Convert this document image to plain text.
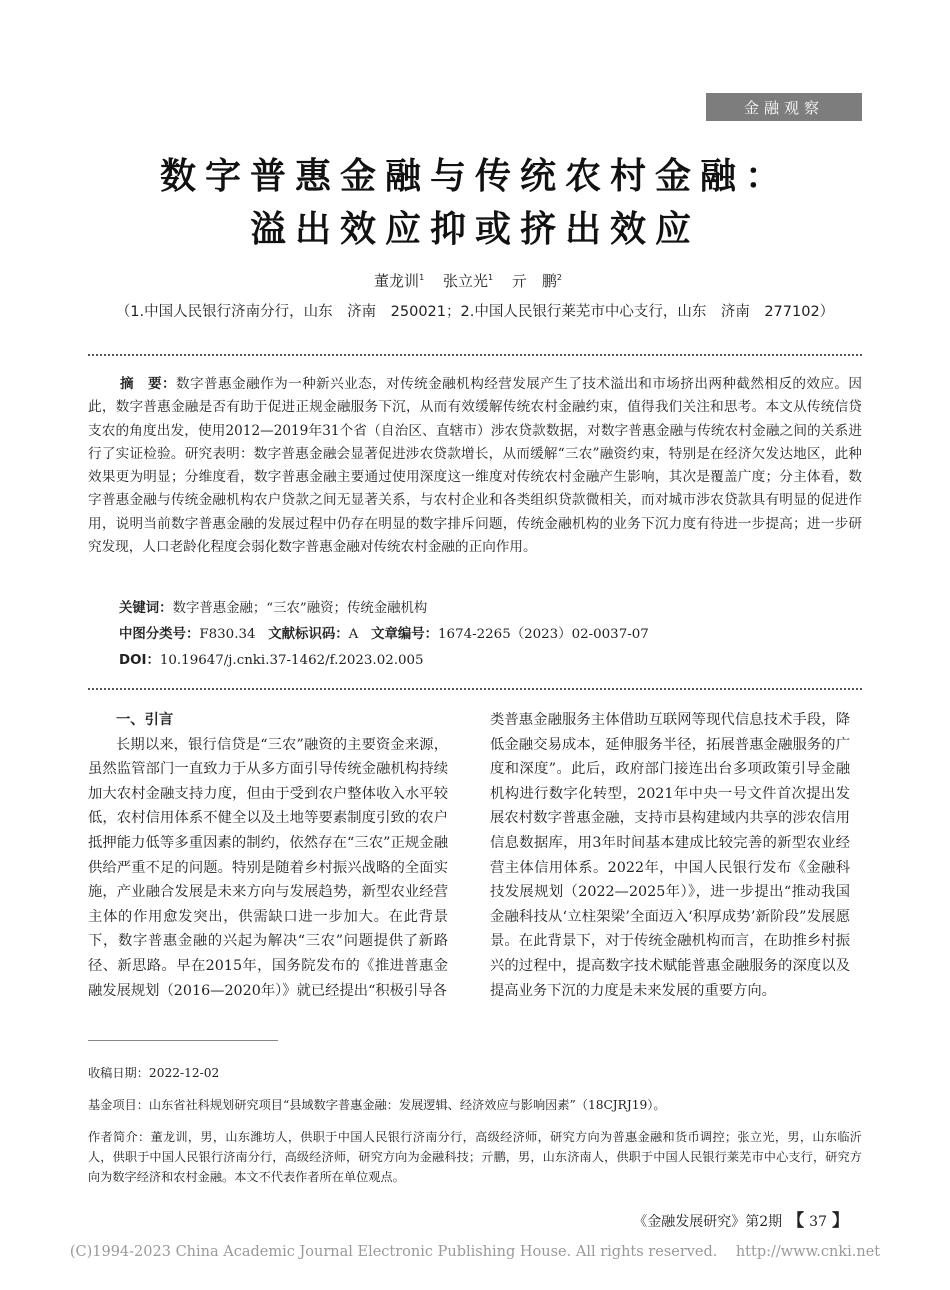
金融观察
数字普惠金融与传统农村金融：
溢出效应抑或挤出效应
董龙训$^1$ 张立光$^1$ 亓　鹏$^2$
（1.中国人民银行济南分行，山东　济南　250021；2.中国人民银行莱芜市中心支行，山东　济南　277102）
摘　要：数字普惠金融作为一种新兴业态，对传统金融机构经营发展产生了技术溢出和市场挤出两种截然相反的效应。因此，数字普惠金融是否有助于促进正规金融服务下沉，从而有效缓解传统农村金融约束，值得我们关注和思考。本文从传统信贷支农的角度出发，使用2012—2019年31个省（自治区、直辖市）涉农贷款数据，对数字普惠金融与传统农村金融之间的关系进行了实证检验。研究表明：数字普惠金融会显著促进涉农贷款增长，从而缓解“三农”融资约束，特别是在经济欠发达地区，此种效果更为明显；分维度看，数字普惠金融主要通过使用深度这一维度对传统农村金融产生影响，其次是覆盖广度；分主体看，数字普惠金融与传统金融机构农户贷款之间无显著关系，与农村企业和各类组织贷款微相关，而对城市涉农贷款具有明显的促进作用，说明当前数字普惠金融的发展过程中仍存在明显的数字排斥问题，传统金融机构的业务下沉力度有待进一步提高；进一步研究发现，人口老龄化程度会弱化数字普惠金融对传统农村金融的正向作用。
关键词：数字普惠金融；“三农”融资；传统金融机构
中图分类号：F830.34 文献标识码：A 文章编号：1674-2265（2023）02-0037-07
DOI：10.19647/j.cnki.37-1462/f.2023.02.005
一、引言

长期以来，银行信贷是“三农”融资的主要资金来源，虽然监管部门一直致力于从多方面引导传统金融机构持续加大农村金融支持力度，但由于受到农户整体收入水平较低，农村信用体系不健全以及土地等要素制度引致的农户抵押能力低等多重因素的制约，依然存在“三农”正规金融供给严重不足的问题。特别是随着乡村振兴战略的全面实施，产业融合发展是未来方向与发展趋势，新型农业经营主体的作用愈发突出，供需缺口进一步加大。在此背景下，数字普惠金融的兴起为解决“三农”问题提供了新路径、新思路。早在2015年，国务院发布的《推进普惠金融发展规划（2016—2020年）》就已经提出“积极引导各

类普惠金融服务主体借助互联网等现代信息技术手段，降低金融交易成本，延伸服务半径，拓展普惠金融服务的广度和深度”。此后，政府部门接连出台多项政策引导金融机构进行数字化转型，2021年中央一号文件首次提出发展农村数字普惠金融，支持市县构建域内共享的涉农信用信息数据库，用3年时间基本建成比较完善的新型农业经营主体信用体系。2022年，中国人民银行发布《金融科技发展规划（2022—2025年）》，进一步提出“推动我国金融科技从‘立柱架梁’全面迈入‘积厚成势’新阶段”发展愿景。在此背景下，对于传统金融机构而言，在助推乡村振兴的过程中，提高数字技术赋能普惠金融服务的深度以及提高业务下沉的力度是未来发展的重要方向。

收稿日期：2022-12-02
基金项目：山东省社科规划研究项目“县域数字普惠金融：发展逻辑、经济效应与影响因素”（18CJRJ19）。
作者简介：董龙训，男，山东潍坊人，供职于中国人民银行济南分行，高级经济师，研究方向为普惠金融和货币调控；张立光，男，山东临沂人，供职于中国人民银行济南分行，高级经济师，研究方向为金融科技；亓鹏，男，山东济南人，供职于中国人民银行莱芜市中心支行，研究方向为数字经济和农村金融。本文不代表作者所在单位观点。
《金融发展研究》第2期 【 37 】
(C)1994-2023 China Academic Journal Electronic Publishing House. All rights reserved.    http://www.cnki.net
